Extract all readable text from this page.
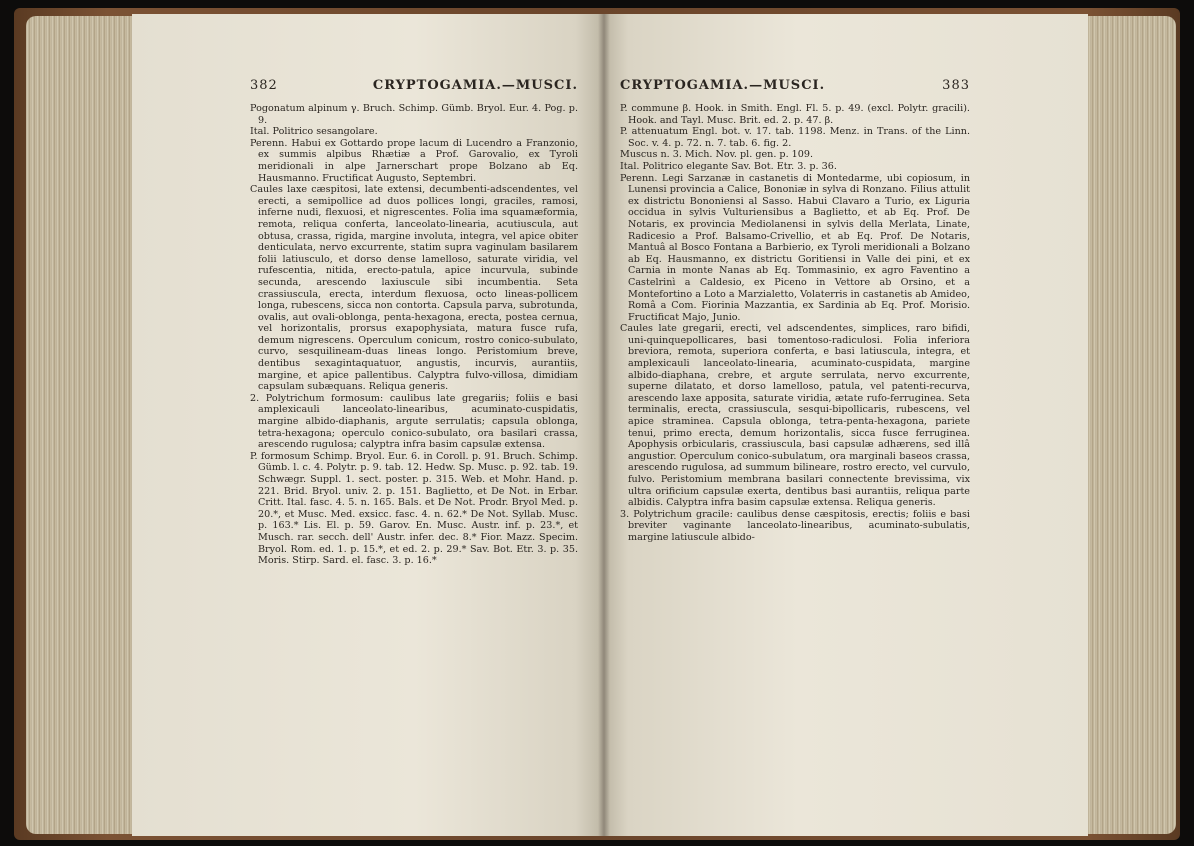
382	CRYPTOGAMIA.—MUSCI.

Pogonatum alpinum γ. Bruch. Schimp. Gümb. Bryol. Eur. 4. Pog. p. 9.

Ital. Politrico sesangolare.

Perenn. Habui ex Gottardo prope lacum di Lucendro a Franzonio, ex summis alpibus Rhætiæ a Prof. Garovalio, ex Tyroli meridionali in alpe Jarnerschart prope Bolzano ab Eq. Hausmanno. Fructificat Augusto, Septembri.

Caules laxe cæspitosi, late extensi, decumbenti-adscendentes, vel erecti, a semipollice ad duos pollices longi, graciles, ramosi, inferne nudi, flexuosi, et nigrescentes. Folia ima squamæformia, remota, reliqua conferta, lanceolato-linearia, acutiuscula, aut obtusa, crassa, rigida, margine involuta, integra, vel apice obiter denticulata, nervo excurrente, statim supra vaginulam basilarem folii latiusculo, et dorso dense lamelloso, saturate viridia, vel rufescentia, nitida, erecto-patula, apice incurvula, subinde secunda, arescendo laxiuscule sibi incumbentia. Seta crassiuscula, erecta, interdum flexuosa, octo lineas-pollicem longa, rubescens, sicca non contorta. Capsula parva, subrotunda, ovalis, aut ovali-oblonga, penta-hexagona, erecta, postea cernua, vel horizontalis, prorsus exapophysiata, matura fusce rufa, demum nigrescens. Operculum conicum, rostro conico-subulato, curvo, sesquilineam-duas lineas longo. Peristomium breve, dentibus sexagintaquatuor, angustis, incurvis, aurantiis, margine, et apice pallentibus. Calyptra fulvo-villosa, dimidiam capsulam subæquans. Reliqua generis.

2. Polytrichum formosum: caulibus late gregariis; foliis e basi amplexicauli lanceolato-linearibus, acuminato-cuspidatis, margine albido-diaphanis, argute serrulatis; capsula oblonga, tetra-hexagona; operculo conico-subulato, ora basilari crassa, arescendo rugulosa; calyptra infra basim capsulæ extensa.

P. formosum Schimp. Bryol. Eur. 6. in Coroll. p. 91. Bruch. Schimp. Gümb. l. c. 4. Polytr. p. 9. tab. 12. Hedw. Sp. Musc. p. 92. tab. 19. Schwægr. Suppl. 1. sect. poster. p. 315. Web. et Mohr. Hand. p. 221. Brid. Bryol. univ. 2. p. 151. Baglietto, et De Not. in Erbar. Critt. Ital. fasc. 4. 5. n. 165. Bals. et De Not. Prodr. Bryol Med. p. 20.*, et Musc. Med. exsicc. fasc. 4. n. 62.* De Not. Syllab. Musc. p. 163.* Lis. El. p. 59. Garov. En. Musc. Austr. inf. p. 23.*, et Musch. rar. secch. dell' Austr. infer. dec. 8.* Fior. Mazz. Specim. Bryol. Rom. ed. 1. p. 15.*, et ed. 2. p. 29.* Sav. Bot. Etr. 3. p. 35. Moris. Stirp. Sard. el. fasc. 3. p. 16.*

CRYPTOGAMIA.—MUSCI.	383

P. commune β. Hook. in Smith. Engl. Fl. 5. p. 49. (excl. Polytr. gracili). Hook. and Tayl. Musc. Brit. ed. 2. p. 47. β.

P. attenuatum Engl. bot. v. 17. tab. 1198. Menz. in Trans. of the Linn. Soc. v. 4. p. 72. n. 7. tab. 6. fig. 2.

Muscus n. 3. Mich. Nov. pl. gen. p. 109.

Ital. Politrico elegante Sav. Bot. Etr. 3. p. 36.

Perenn. Legi Sarzanæ in castanetis di Montedarme, ubi copiosum, in Lunensi provincia a Calice, Bononiæ in sylva di Ronzano. Filius attulit ex districtu Bononiensi al Sasso. Habui Clavaro a Turio, ex Liguria occidua in sylvis Vulturiensibus a Baglietto, et ab Eq. Prof. De Notaris, ex provincia Mediolanensi in sylvis della Merlata, Linate, Radicesio a Prof. Balsamo-Crivellio, et ab Eq. Prof. De Notaris, Mantuâ al Bosco Fontana a Barbierio, ex Tyroli meridionali a Bolzano ab Eq. Hausmanno, ex districtu Goritiensi in Valle dei pini, et ex Carnia in monte Nanas ab Eq. Tommasinio, ex agro Faventino a Castelrinì a Caldesio, ex Piceno in Vettore ab Orsino, et a Montefortino a Loto a Marzialetto, Volaterris in castanetis ab Amideo, Româ a Com. Fiorinia Mazzantia, ex Sardinia ab Eq. Prof. Morisio. Fructificat Majo, Junio.

Caules late gregarii, erecti, vel adscendentes, simplices, raro bifidi, uni-quinquepollicares, basi tomentoso-radiculosi. Folia inferiora breviora, remota, superiora conferta, e basi latiuscula, integra, et amplexicauli lanceolato-linearia, acuminato-cuspidata, margine albido-diaphana, crebre, et argute serrulata, nervo excurrente, superne dilatato, et dorso lamelloso, patula, vel patenti-recurva, arescendo laxe apposita, saturate viridia, ætate rufo-ferruginea. Seta terminalis, erecta, crassiuscula, sesqui-bipollicaris, rubescens, vel apice straminea. Capsula oblonga, tetra-penta-hexagona, pariete tenui, primo erecta, demum horizontalis, sicca fusce ferruginea. Apophysis orbicularis, crassiuscula, basi capsulæ adhærens, sed illâ angustior. Operculum conico-subulatum, ora marginali baseos crassa, arescendo rugulosa, ad summum bilineare, rostro erecto, vel curvulo, fulvo. Peristomium membrana basilari connectente brevissima, vix ultra orificium capsulæ exerta, dentibus basi aurantiis, reliqua parte albidis. Calyptra infra basim capsulæ extensa. Reliqua generis.

3. Polytrichum gracile: caulibus dense cæspitosis, erectis; foliis e basi breviter vaginante lanceolato-linearibus, acuminato-subulatis, margine latiuscule albido-
